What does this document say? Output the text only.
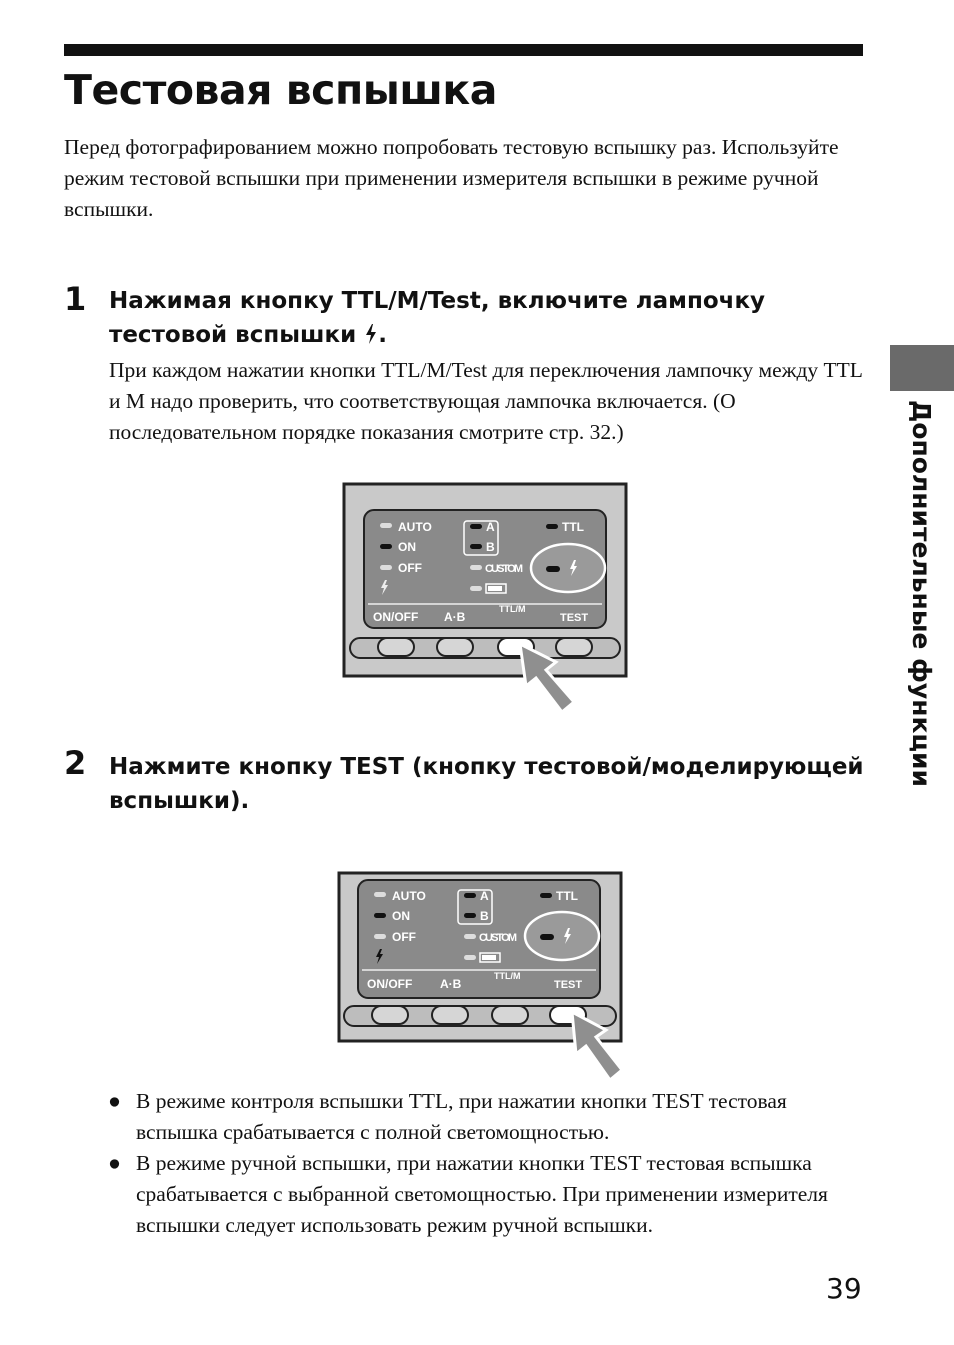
Тестовая вспышка
Перед фотографированием можно попробовать тестовую вспышку раз. Используйте режим тестовой вспышки при применении измерителя вспышки в режиме ручной вспышки.
Дополнительные функции
1 Нажимая кнопку TTL/M/Test, включите лампочку тестовой вспышки .
При каждом нажатии кнопки TTL/M/Test для переключения лампочку между TTL и M надо проверить, что соответствующая лампочка включается. (О последовательном порядке показания смотрите стр. 32.)
AUTO
ON
OFF
A
B
CUSTOM
TTL
ON/OFF A·B
TTL/M
TEST
2 Нажмите кнопку TEST (кнопку тестовой/моделирующей вспышки).
AUTO
ON
OFF
A
B
CUSTOM
TTL
ON/OFF A·B
TTL/M
TEST
● В режиме контроля вспышки TTL, при нажатии кнопки TEST тестовая вспышка срабатывается с полной светомощностью.
● В режиме ручной вспышки, при нажатии кнопки TEST тестовая вспышка срабатывается с выбранной светомощностью. При применении измерителя вспышки следует использовать режим ручной вспышки.
39
